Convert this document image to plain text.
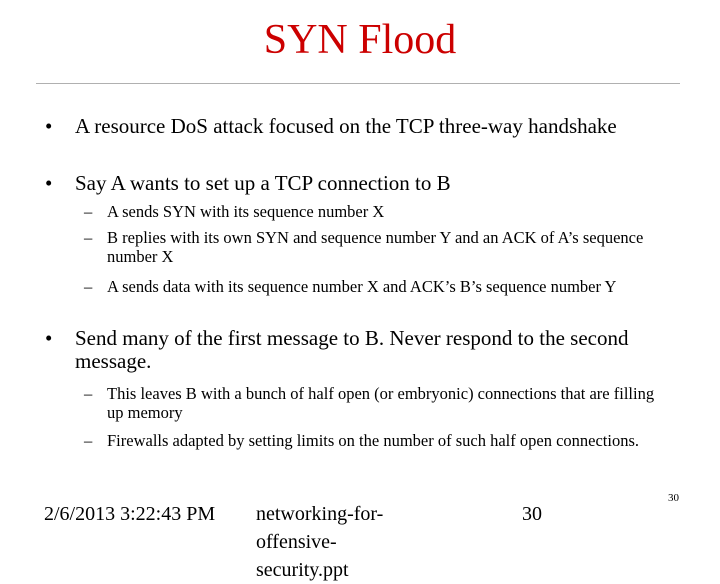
SYN Flood
• A resource DoS attack focused on the TCP three-way handshake
• Say A wants to set up a TCP connection to B
– A sends SYN with its sequence number X
– B replies with its own SYN and sequence number Y and an ACK of A’s sequence number X
– A sends data with its sequence number X and ACK’s B’s sequence number Y
• Send many of the first message to B. Never respond to the second message.
– This leaves B with a bunch of half open (or embryonic) connections that are filling up memory
– Firewalls adapted by setting limits on the number of such half open connections.
2/6/2013 3:22:43 PM networking-for-offensive-security.ppt
30
30
